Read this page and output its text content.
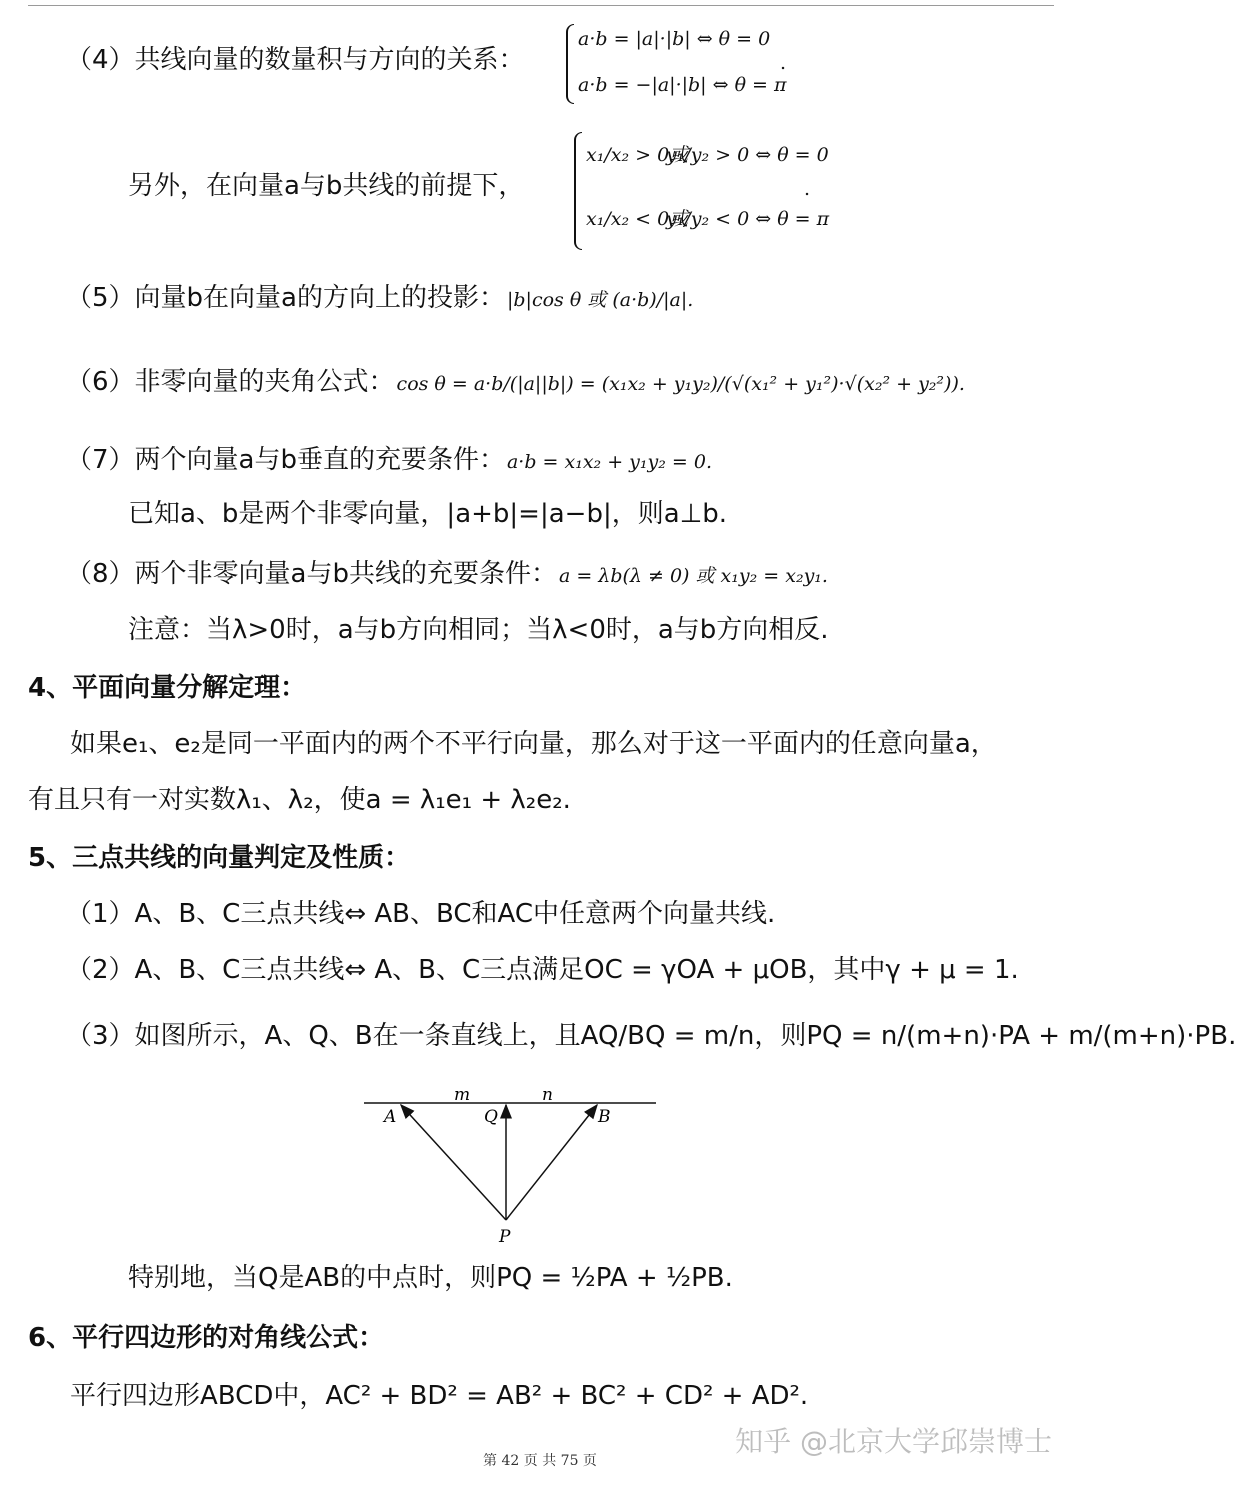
（4）共线向量的数量积与方向的关系：
a·b = |a|·|b| ⇔ θ = 0
a·b = −|a|·|b| ⇔ θ = π
.
另外，在向量a与b共线的前提下，
x₁/x₂ > 0或
y₁/y₂ > 0 ⇔ θ = 0
x₁/x₂ < 0或
y₁/y₂ < 0 ⇔ θ = π
.
（5）向量b在向量a的方向上的投影： |b|cos θ 或 (a·b)/|a|.
（6）非零向量的夹角公式： cos θ = a·b/(|a||b|) = (x₁x₂ + y₁y₂)/(√(x₁² + y₁²)·√(x₂² + y₂²)).
（7）两个向量a与b垂直的充要条件： a·b = x₁x₂ + y₁y₂ = 0.
已知a、b是两个非零向量，|a+b|=|a−b|，则a⊥b.
（8）两个非零向量a与b共线的充要条件： a = λb(λ ≠ 0) 或 x₁y₂ = x₂y₁.
注意：当λ>0时，a与b方向相同；当λ<0时，a与b方向相反.
4、平面向量分解定理：
如果e₁、e₂是同一平面内的两个不平行向量，那么对于这一平面内的任意向量a，
有且只有一对实数λ₁、λ₂，使a = λ₁e₁ + λ₂e₂.
5、三点共线的向量判定及性质：
（1）A、B、C三点共线⇔ AB、BC和AC中任意两个向量共线.
（2）A、B、C三点共线⇔ A、B、C三点满足OC = γOA + μOB，其中γ + μ = 1.
（3）如图所示，A、Q、B在一条直线上，且AQ/BQ = m/n，则PQ = n/(m+n)·PA + m/(m+n)·PB.
m	n
A	Q	B
P
特别地，当Q是AB的中点时，则PQ = ½PA + ½PB.
6、平行四边形的对角线公式：
平行四边形ABCD中，AC² + BD² = AB² + BC² + CD² + AD².
知乎 @北京大学邱崇博士
第 42 页 共 75 页
